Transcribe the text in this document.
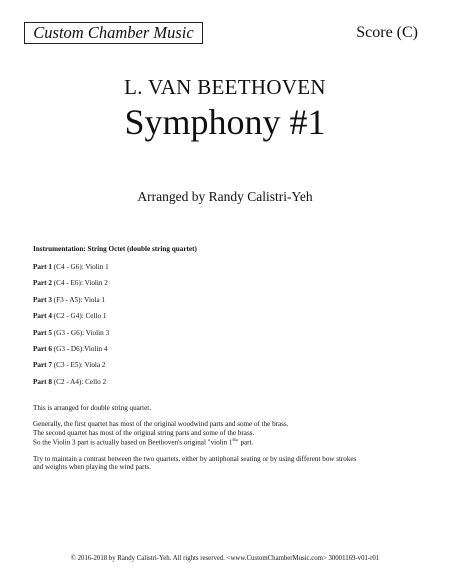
Custom Chamber Music	Score (C)
L. VAN BEETHOVEN
Symphony #1
Arranged by Randy Calistri-Yeh
Instrumentation: String Octet (double string quartet)
Part 1 (C4 - G6): Violin 1
Part 2 (C4 - E6): Violin 2
Part 3 (F3 - A5): Viola 1
Part 4 (C2 - G4): Cello 1
Part 5 (G3 - G6): Violin 3
Part 6 (G3 - D6):Violin 4
Part 7 (C3 - E5): Viola 2
Part 8 (C2 - A4): Cello 2

This is arranged for double string quartet.

Generally, the first quartet has most of the original woodwind parts and some of the brass.
The second quartet has most of the original string parts and some of the brass.
So the Violin 3 part is actually based on Beethoven's original "violin 1st" part.

Try to maintain a contrast between the two quartets, either by antiphonal seating or by using different bow strokes
and weights when playing the wind parts.

© 2016-2018 by Randy Calistri-Yeh. All rights reserved. <www.CustomChamberMusic.com> 30001169-v01-r01
